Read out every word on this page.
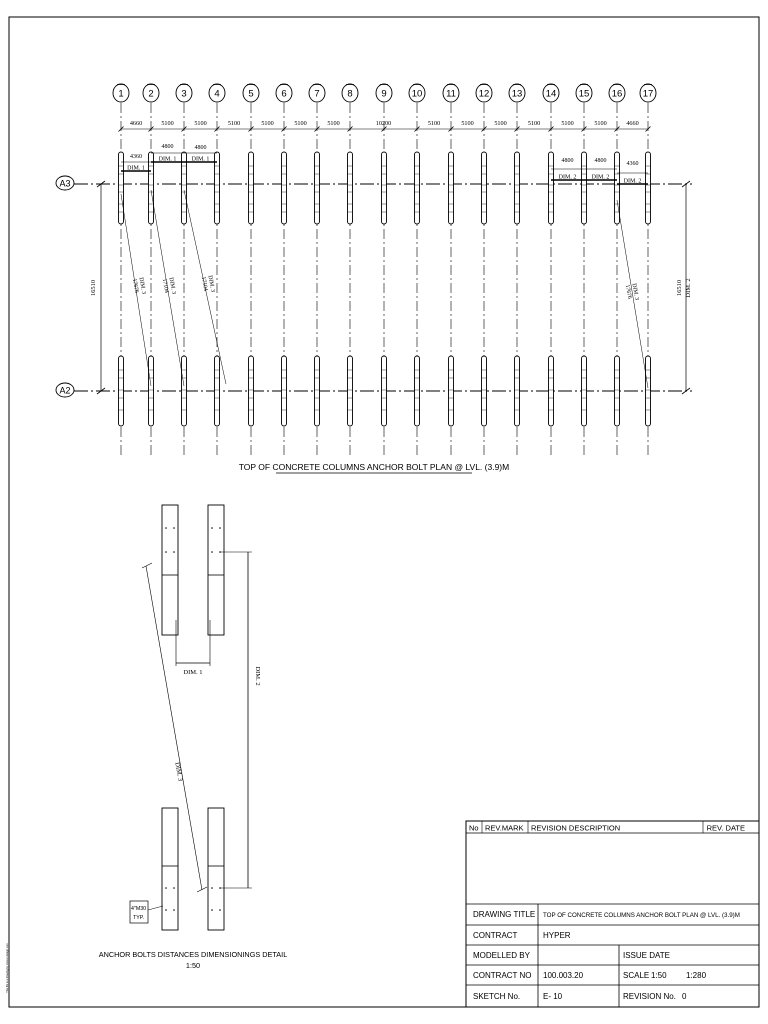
1	2	3	4	5	6	7	8	9	10	11 12 13 14 15 16 17
4660	5100	5100	5100	5100	5100	5100	10200	5100	5100	5100	5100	5100	5100	4660
A3
A2
4360
DIM. 1
4800
DIM. 1
4800
DIM. 1	4800
DIM. 2
4800
DIM. 2
4360
DIM. 2
16510	16510 DIM. 2
17676
DIM. 3 17104
DIM. 3	17104
DIM. 3	17676
DIM. 3
TOP OF CONCRETE COLUMNS ANCHOR BOLT PLAN @ LVL. (3.9)M
DIM. 1	DIM. 2
DIM. 3
4"M30
TYP.
ANCHOR BOLTS DISTANCES DIMENSIONINGS DETAIL
1:50
No REV.MARK REVISION DESCRIPTION	REV. DATE
DRAWING TITLE TOP OF CONCRETE COLUMNS ANCHOR BOLT PLAN @ LVL. (3.9)M
CONTRACT	HYPER
MODELLED BY	ISSUE DATE
CONTRACT NO 100.003.20	SCALE 1:50 1:280
SKETCH No.	E- 10	REVISION No. 0
This file is a drawing by www.e-design.com
